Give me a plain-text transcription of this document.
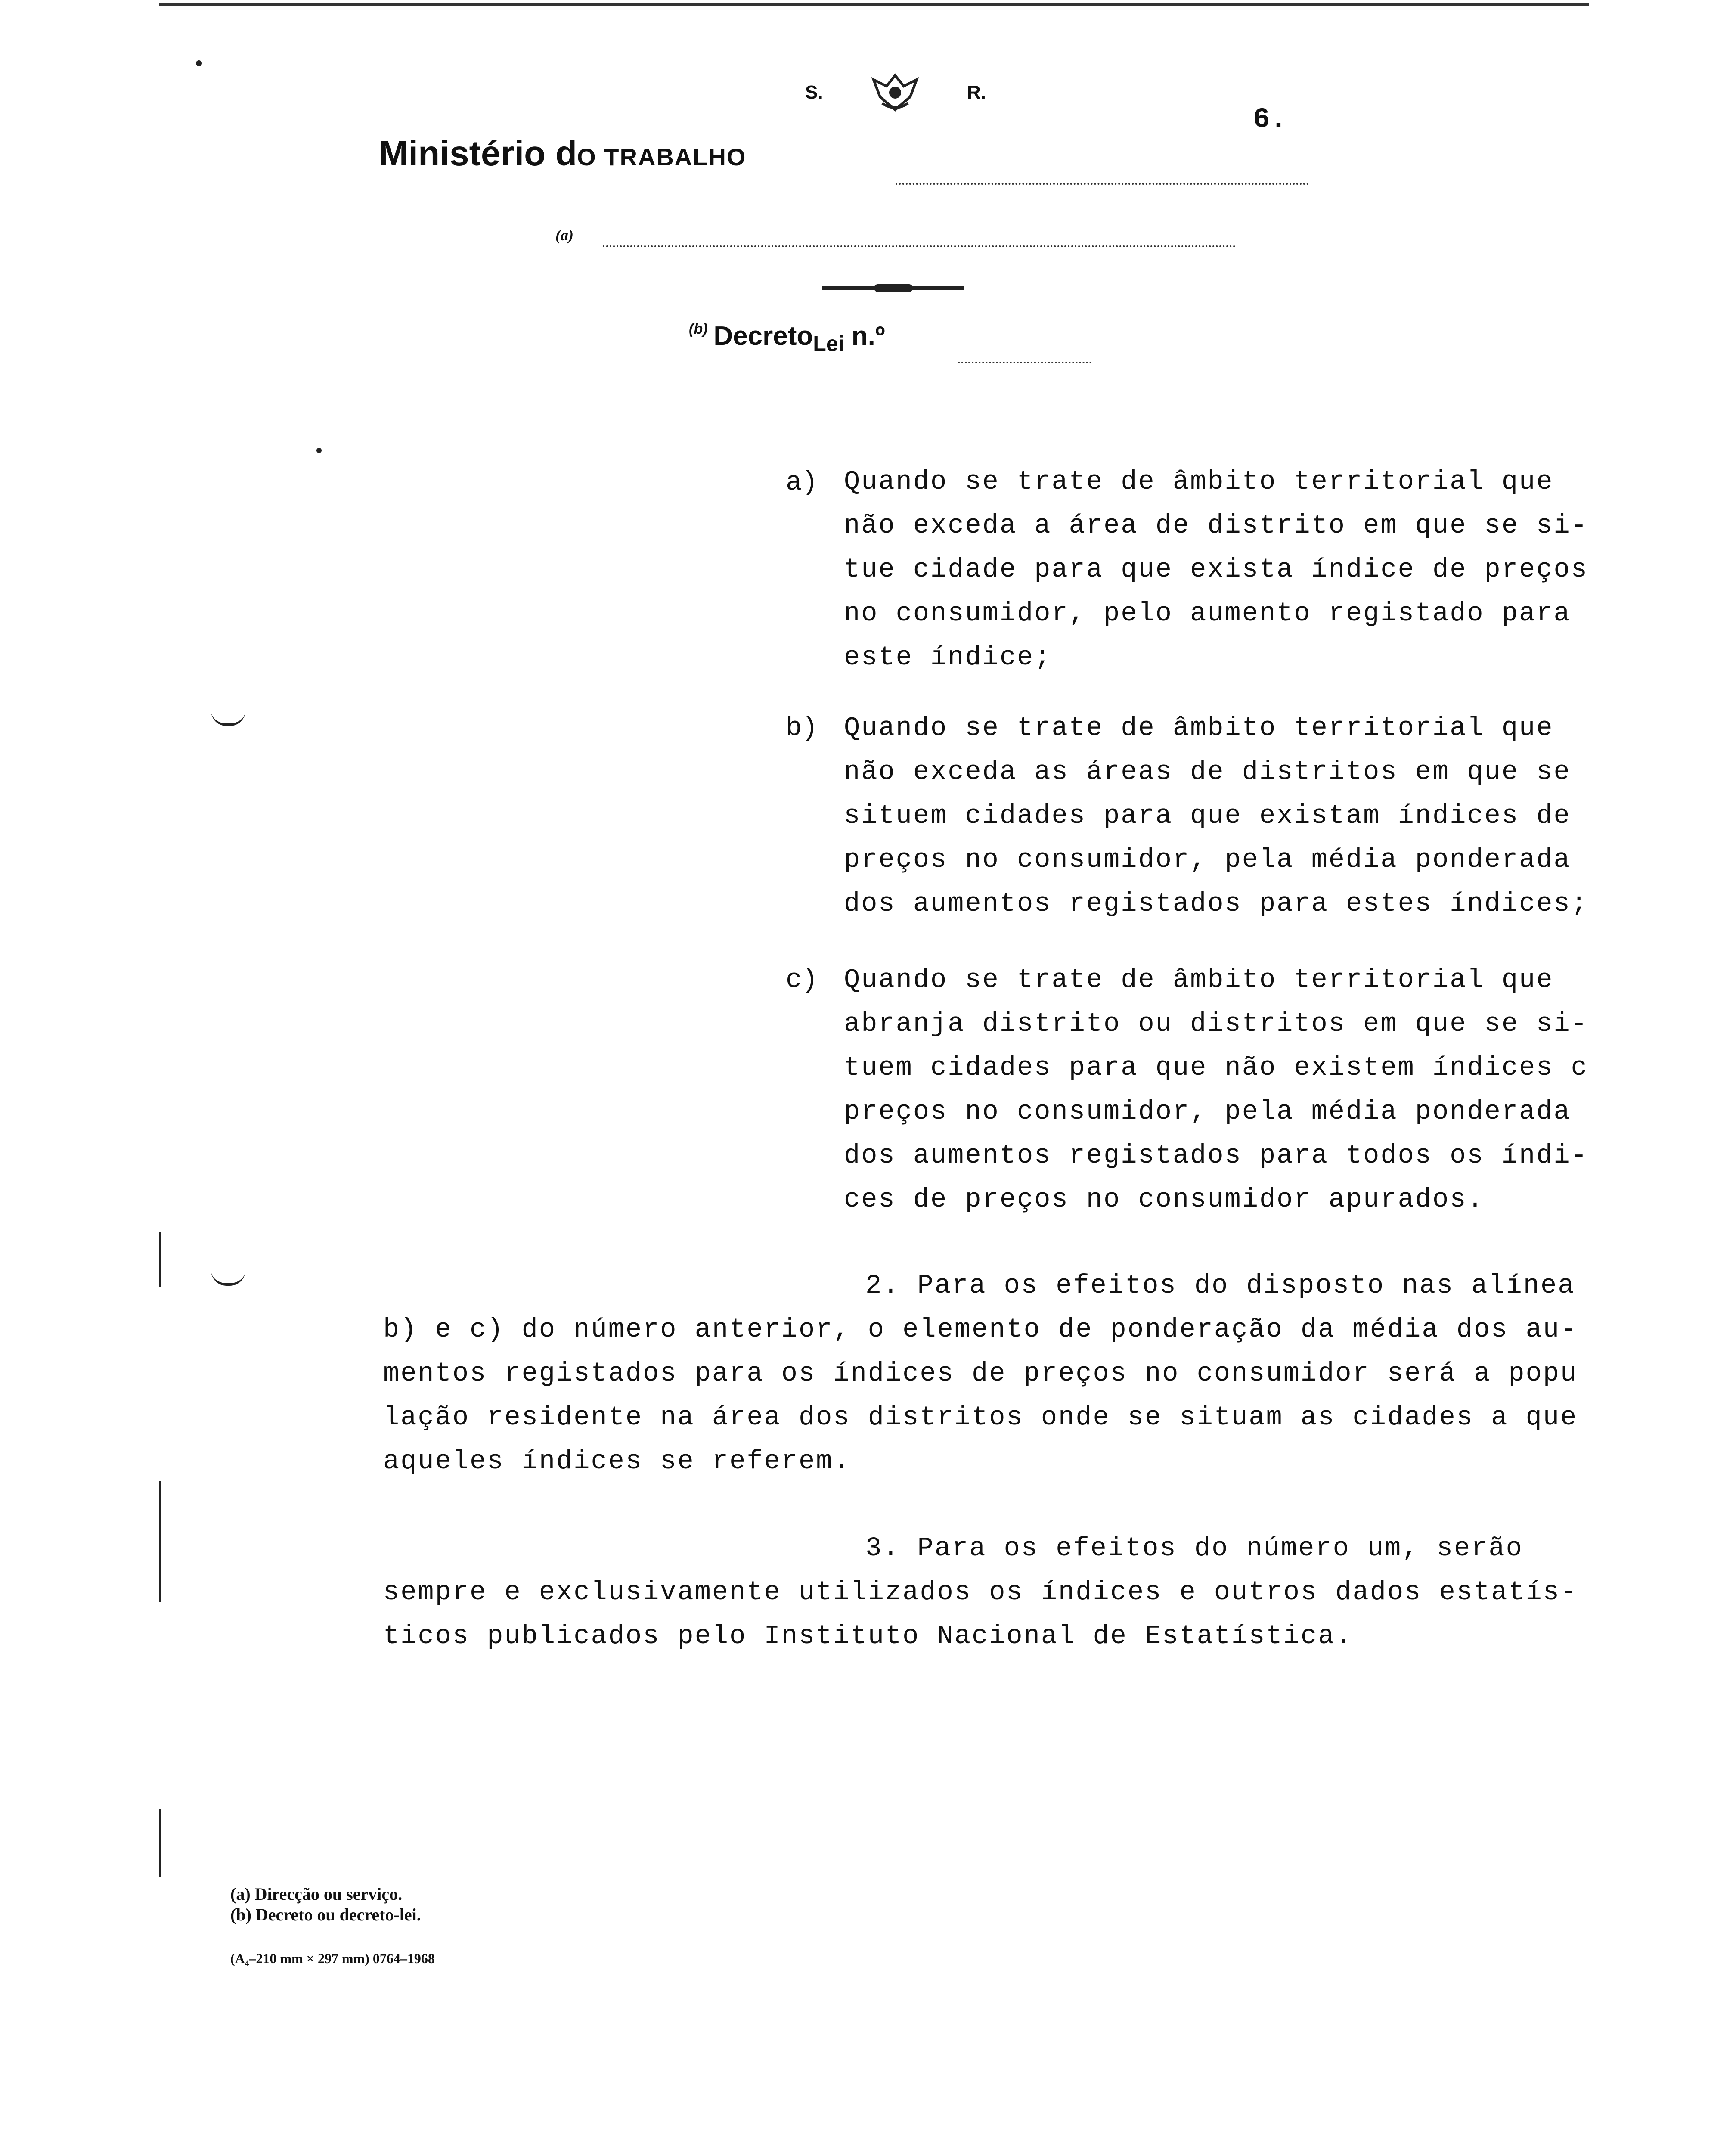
S.	R.
6.
Ministério dO TRABALHO
(a)
$^{(b)}$ Decreto$_{Lei}$ n.º
a) Quando se trate de âmbito territorial que
não exceda a área de distrito em que se si-
tue cidade para que exista índice de preços
no consumidor, pelo aumento registado para
este índice;
b) Quando se trate de âmbito territorial que
não exceda as áreas de distritos em que se
situem cidades para que existam índices de
preços no consumidor, pela média ponderada
dos aumentos registados para estes índices;
c) Quando se trate de âmbito territorial que
abranja distrito ou distritos em que se si-
tuem cidades para que não existem índices c
preços no consumidor, pela média ponderada
dos aumentos registados para todos os índi-
ces de preços no consumidor apurados.
2. Para os efeitos do disposto nas alínea
b) e c) do número anterior, o elemento de ponderação da média dos au-
mentos registados para os índices de preços no consumidor será a popu
lação residente na área dos distritos onde se situam as cidades a que
aqueles índices se referem.
3. Para os efeitos do número um, serão
sempre e exclusivamente utilizados os índices e outros dados estatís-
ticos publicados pelo Instituto Nacional de Estatística.
(a) Direcção ou serviço.
(b) Decreto ou decreto-lei.
(A₄–210 mm × 297 mm) 0764–1968
